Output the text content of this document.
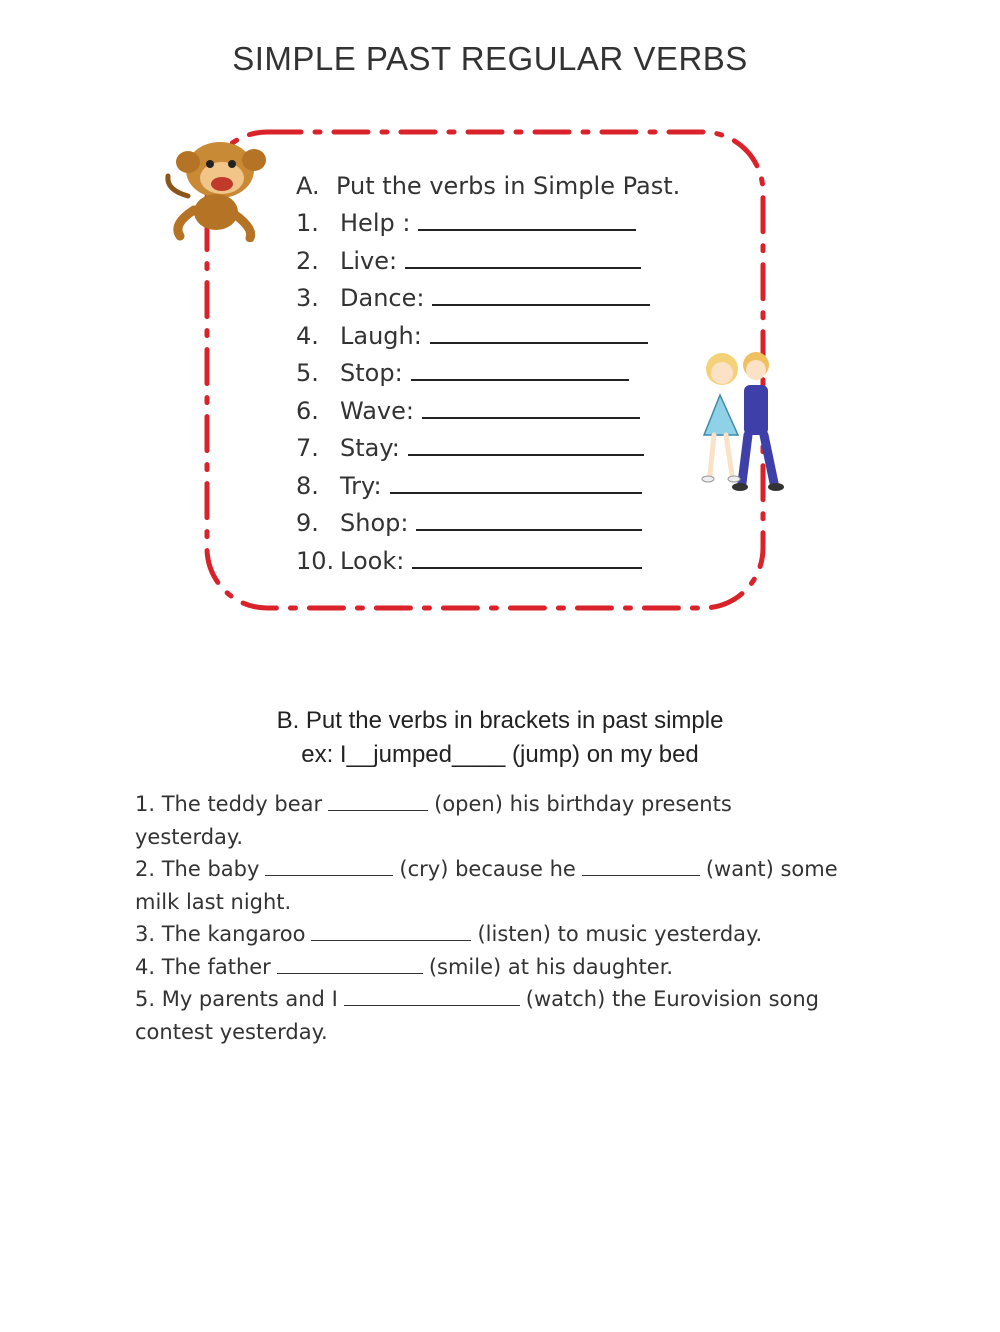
SIMPLE PAST REGULAR VERBS
A. Put the verbs in Simple Past.
1. Help :
2. Live:
3. Dance:
4. Laugh:
5. Stop:
6. Wave:
7. Stay:
8. Try:
9. Shop:
10. Look:
B. Put the verbs in brackets in past simple
ex: I__jumped____ (jump) on my bed
1. The teddy bear	(open) his birthday presents
yesterday.
2. The baby	(cry) because he	(want) some
milk last night.
3. The kangaroo	(listen) to music yesterday.
4. The father	(smile) at his daughter.
5. My parents and I	(watch) the Eurovision song
contest yesterday.
